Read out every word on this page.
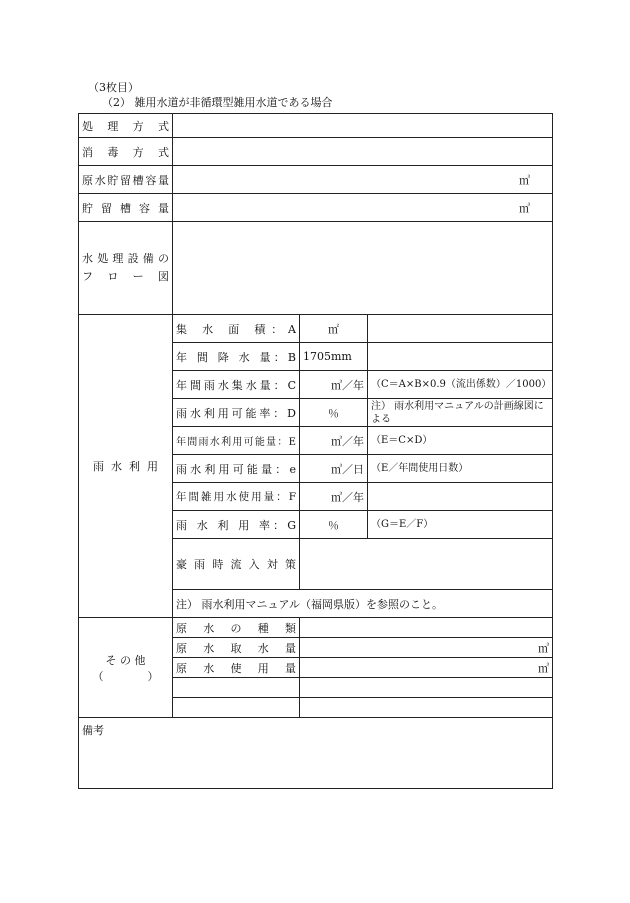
（3枚目）
（2） 雑用水道が非循環型雑用水道である場合
処 理 方 式			
消 毒 方 式			
原水貯留槽容量	㎥		
貯 留 槽 容 量	㎥		

水処理設備の
フ ロ ー 図			

雨 水 利 用	集 水 面 積：A	㎡	
	年 間 降 水 量：B	1705mm	
	年間雨水集水量：C	㎥／年	（C＝A×B×0.9（流出係数）／1000）
	雨水利用可能率：D	％	注） 雨水利用マニュアルの計画線図による
	年間雨水利用可能量：E	㎥／年	（E＝C×D）
	雨水利用可能量：e	㎥／日	（E／年間使用日数）
	年間雑用水使用量：F	㎥／年	
	雨 水 利 用 率：G	％	（G＝E／F）
	豪雨時流入対策		
	注） 雨水利用マニュアル（福岡県版）を参照のこと。		

そ の 他
（　　　　）	原 水 の 種 類		
	原 水 取 水 量	㎥	
	原 水 使 用 量	㎥	

備考			
